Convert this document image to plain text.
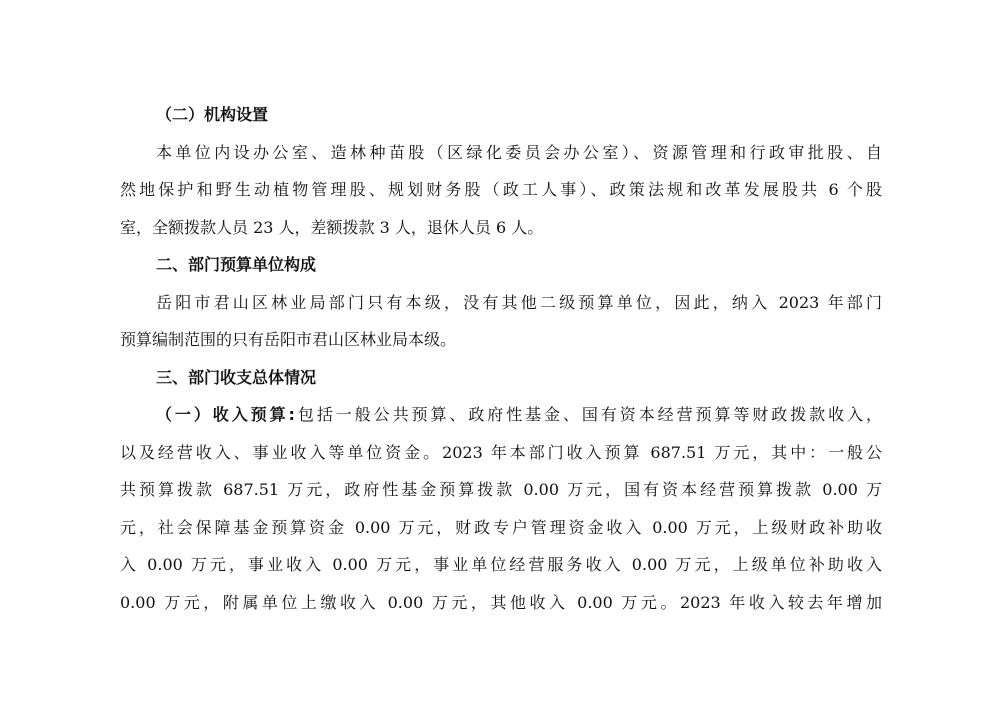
（二）机构设置

本单位内设办公室、造林种苗股（区绿化委员会办公室）、资源管理和行政审批股、自

然地保护和野生动植物管理股、规划财务股（政工人事）、政策法规和改革发展股共 6 个股

室，全额拨款人员 23 人，差额拨款 3 人，退休人员 6 人。

二、部门预算单位构成

岳阳市君山区林业局部门只有本级，没有其他二级预算单位，因此，纳入 2023 年部门

预算编制范围的只有岳阳市君山区林业局本级。

三、部门收支总体情况

（一）收入预算:包括一般公共预算、政府性基金、国有资本经营预算等财政拨款收入，

以及经营收入、事业收入等单位资金。2023 年本部门收入预算 687.51 万元，其中：一般公

共预算拨款 687.51 万元，政府性基金预算拨款 0.00 万元，国有资本经营预算拨款 0.00 万

元，社会保障基金预算资金 0.00 万元，财政专户管理资金收入 0.00 万元，上级财政补助收

入 0.00 万元，事业收入 0.00 万元，事业单位经营服务收入 0.00 万元，上级单位补助收入

0.00 万元，附属单位上缴收入 0.00 万元，其他收入 0.00 万元。2023 年收入较去年增加
